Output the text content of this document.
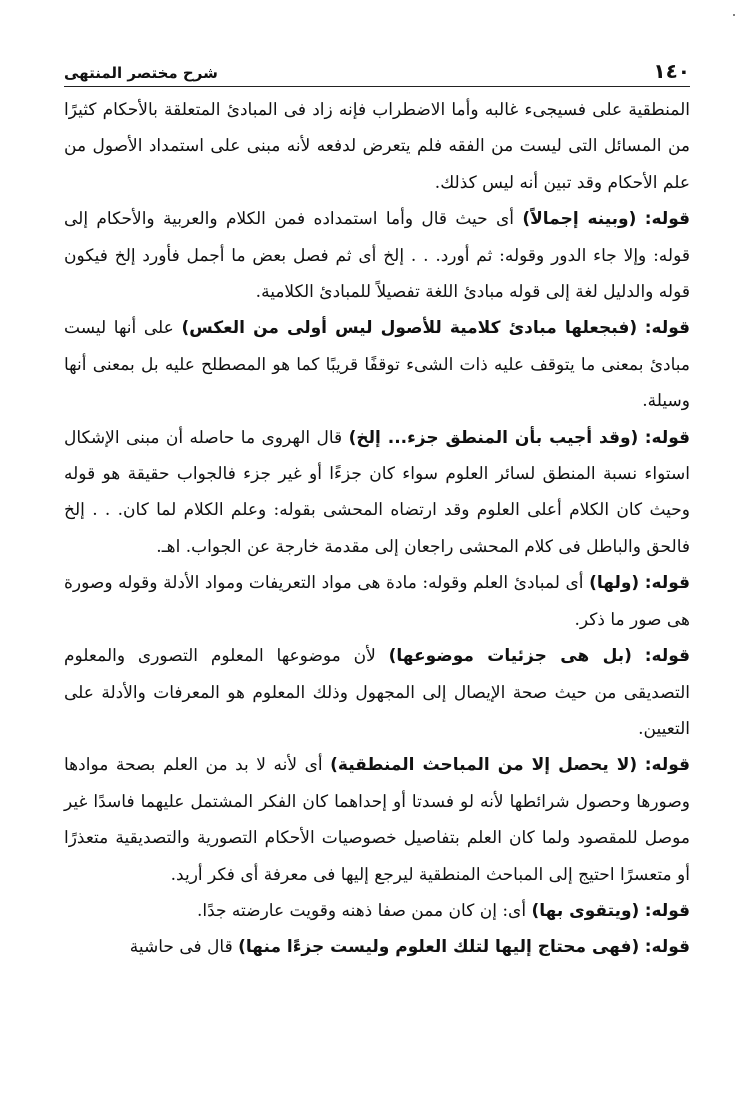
١٤٠
شرح مختصر المنتهى

المنطقية على فسيجىء غالبه وأما الاضطراب فإنه زاد فى المبادئ المتعلقة بالأحكام كثيرًا من المسائل التى ليست من الفقه فلم يتعرض لدفعه لأنه مبنى على استمداد الأصول من علم الأحكام وقد تبين أنه ليس كذلك.

قوله: (وبينه إجمالاً) أى حيث قال وأما استمداده فمن الكلام والعربية والأحكام إلى قوله: وإلا جاء الدور وقوله: ثم أورد. . . إلخ أى ثم فصل بعض ما أجمل فأورد إلخ فيكون قوله والدليل لغة إلى قوله مبادئ اللغة تفصيلاً للمبادئ الكلامية.

قوله: (فبجعلها مبادئ كلامية للأصول ليس أولى من العكس) على أنها ليست مبادئ بمعنى ما يتوقف عليه ذات الشىء توقفًا قريبًا كما هو المصطلح عليه بل بمعنى أنها وسيلة.

قوله: (وقد أجيب بأن المنطق جزء... إلخ) قال الهروى ما حاصله أن مبنى الإشكال استواء نسبة المنطق لسائر العلوم سواء كان جزءًا أو غير جزء فالجواب حقيقة هو قوله وحيث كان الكلام أعلى العلوم وقد ارتضاه المحشى بقوله: وعلم الكلام لما كان. . . إلخ فالحق والباطل فى كلام المحشى راجعان إلى مقدمة خارجة عن الجواب. اهـ.

قوله: (ولها) أى لمبادئ العلم وقوله: مادة هى مواد التعريفات ومواد الأدلة وقوله وصورة هى صور ما ذكر.

قوله: (بل هى جزئيات موضوعها) لأن موضوعها المعلوم التصورى والمعلوم التصديقى من حيث صحة الإيصال إلى المجهول وذلك المعلوم هو المعرفات والأدلة على التعيين.

قوله: (لا يحصل إلا من المباحث المنطقية) أى لأنه لا بد من العلم بصحة موادها وصورها وحصول شرائطها لأنه لو فسدتا أو إحداهما كان الفكر المشتمل عليهما فاسدًا غير موصل للمقصود ولما كان العلم بتفاصيل خصوصيات الأحكام التصورية والتصديقية متعذرًا أو متعسرًا احتيج إلى المباحث المنطقية ليرجع إليها فى معرفة أى فكر أريد.

قوله: (ويتقوى بها) أى: إن كان ممن صفا ذهنه وقويت عارضته جدًا.

قوله: (فهى محتاج إليها لتلك العلوم وليست جزءًا منها) قال فى حاشية
